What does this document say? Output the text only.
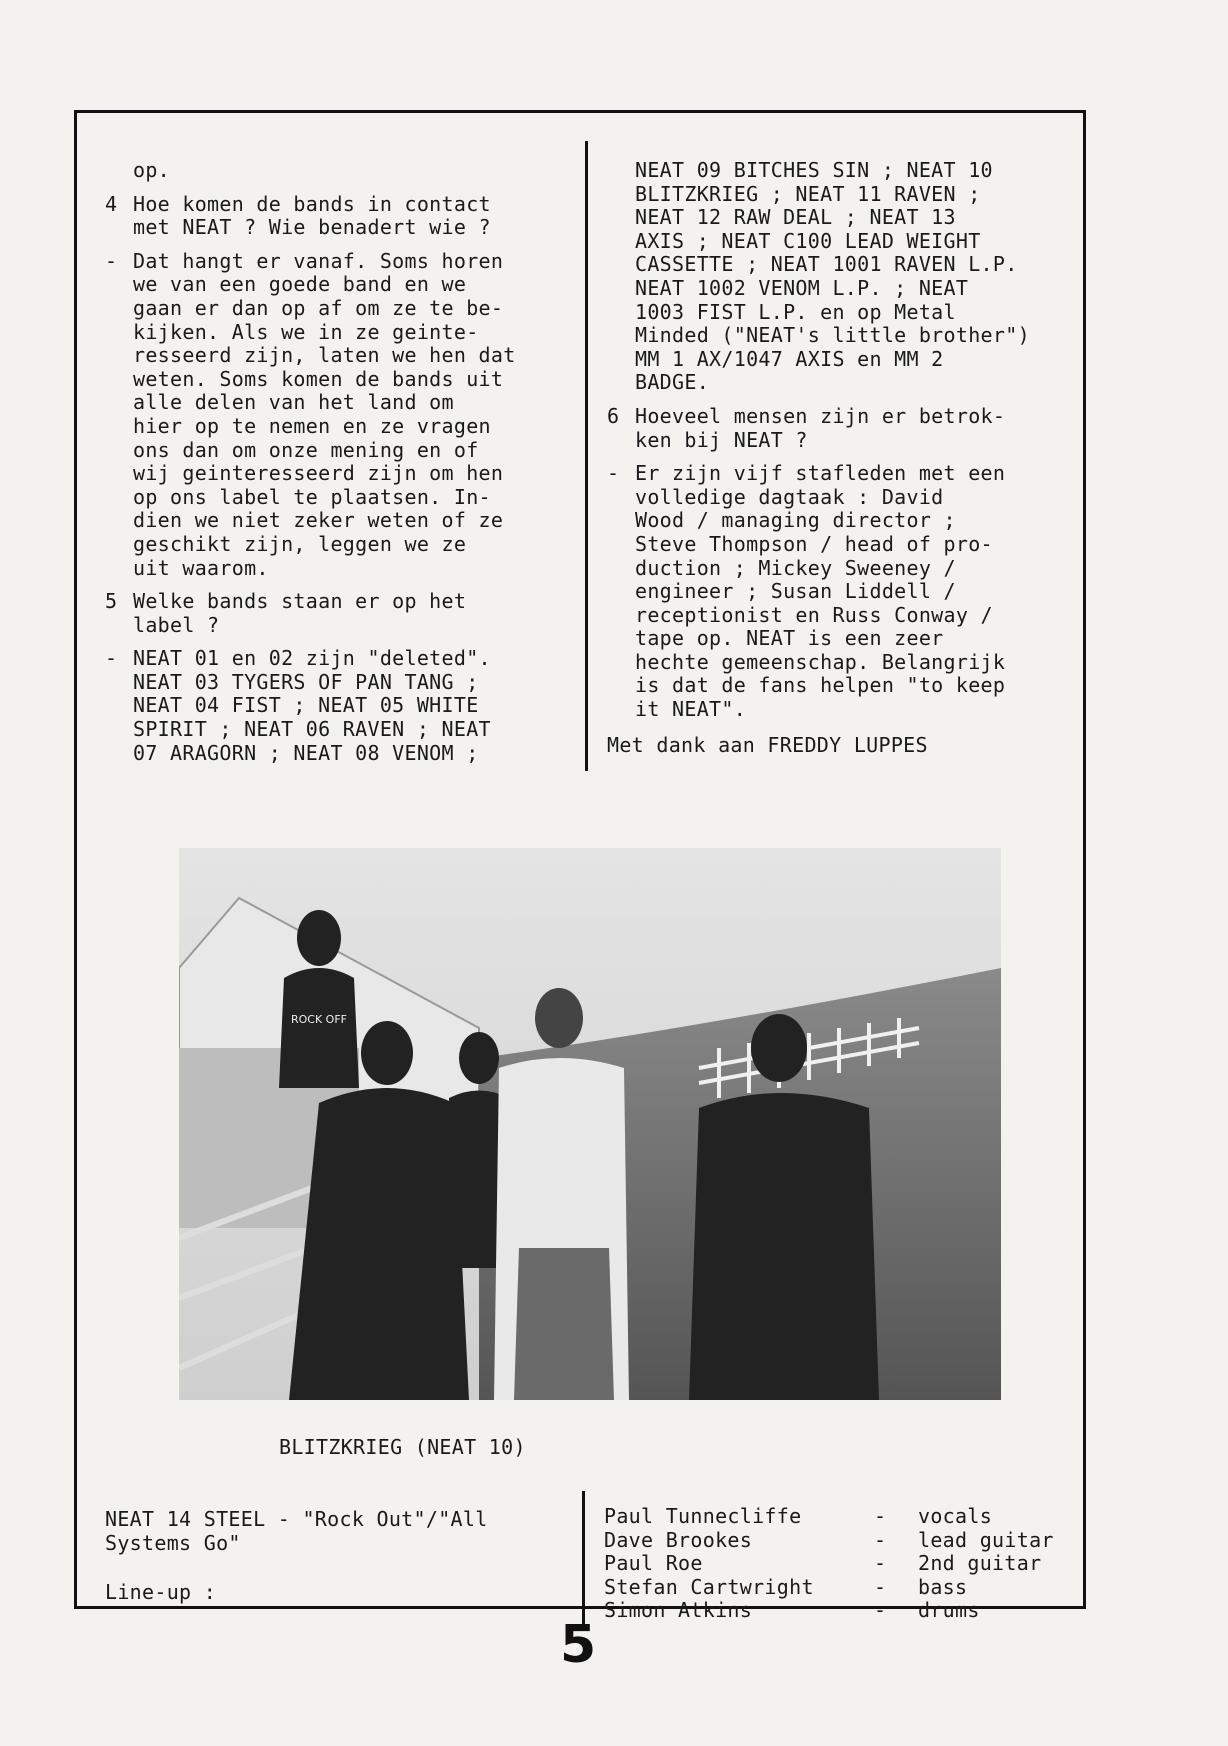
op.
4 Hoe komen de bands in contact
met NEAT ? Wie benadert wie ?
- Dat hangt er vanaf. Soms horen
we van een goede band en we
gaan er dan op af om ze te be-
kijken. Als we in ze geinte-
resseerd zijn, laten we hen dat
weten. Soms komen de bands uit
alle delen van het land om
hier op te nemen en ze vragen
ons dan om onze mening en of
wij geinteresseerd zijn om hen
op ons label te plaatsen. In-
dien we niet zeker weten of ze
geschikt zijn, leggen we ze
uit waarom.
5 Welke bands staan er op het
label ?
- NEAT 01 en 02 zijn "deleted".
NEAT 03 TYGERS OF PAN TANG ;
NEAT 04 FIST ; NEAT 05 WHITE
SPIRIT ; NEAT 06 RAVEN ; NEAT
07 ARAGORN ; NEAT 08 VENOM ;
NEAT 09 BITCHES SIN ; NEAT 10
BLITZKRIEG ; NEAT 11 RAVEN ;
NEAT 12 RAW DEAL ; NEAT 13
AXIS ; NEAT C100 LEAD WEIGHT
CASSETTE ; NEAT 1001 RAVEN L.P.
NEAT 1002 VENOM L.P. ; NEAT
1003 FIST L.P. en op Metal
Minded ("NEAT's little brother")
MM 1 AX/1047 AXIS en MM 2
BADGE.
6 Hoeveel mensen zijn er betrok-
ken bij NEAT ?
- Er zijn vijf stafleden met een
volledige dagtaak : David
Wood / managing director ;
Steve Thompson / head of pro-
duction ; Mickey Sweeney /
engineer ; Susan Liddell /
receptionist en Russ Conway /
tape op. NEAT is een zeer
hechte gemeenschap. Belangrijk
is dat de fans helpen "to keep
it NEAT".
Met dank aan FREDDY LUPPES
ROCK OFF
BLITZKRIEG (NEAT 10)
NEAT 14 STEEL - "Rock Out"/"All
Systems Go"
Line-up :
Paul Tunnecliffe	-	vocals
Dave Brookes	-	lead guitar
Paul Roe	-	2nd guitar
Stefan Cartwright	-	bass
Simon Atkins	-	drums
5
